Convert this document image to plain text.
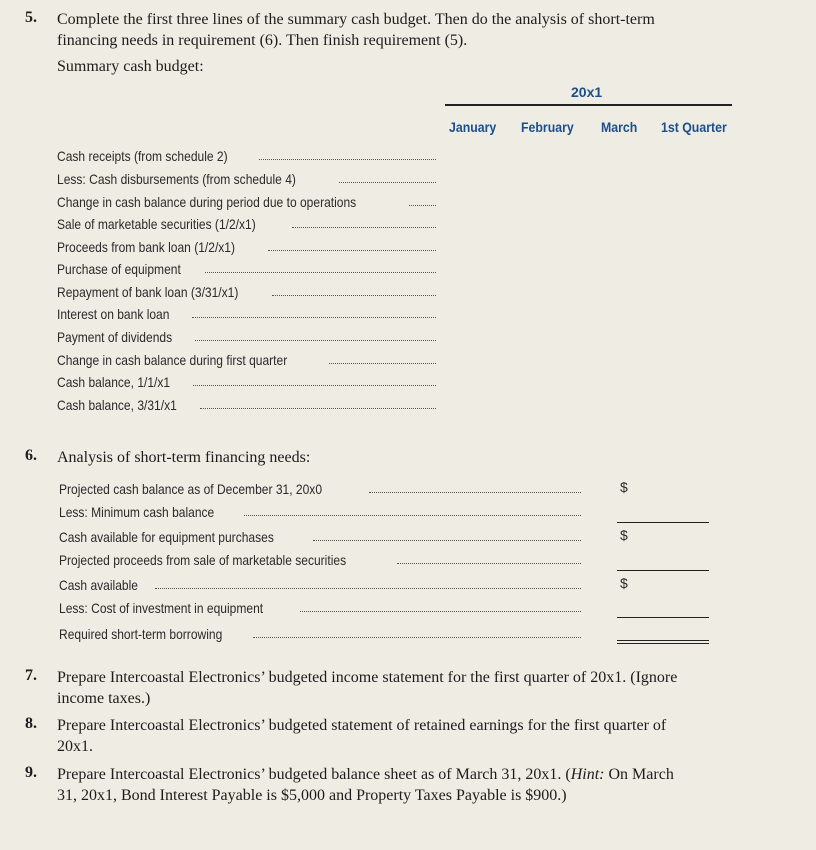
5. Complete the first three lines of the summary cash budget. Then do the analysis of short-term
financing needs in requirement (6). Then finish requirement (5).
Summary cash budget:
20x1
January February March 1st Quarter
Cash receipts (from schedule 2)
Less: Cash disbursements (from schedule 4)
Change in cash balance during period due to operations
Sale of marketable securities (1/2/x1)
Proceeds from bank loan (1/2/x1)
Purchase of equipment
Repayment of bank loan (3/31/x1)
Interest on bank loan
Payment of dividends
Change in cash balance during first quarter
Cash balance, 1/1/x1
Cash balance, 3/31/x1
6. Analysis of short-term financing needs:
Projected cash balance as of December 31, 20x0
Less: Minimum cash balance
Cash available for equipment purchases
Projected proceeds from sale of marketable securities
Cash available
Less: Cost of investment in equipment
Required short-term borrowing
$
$
$
7. Prepare Intercoastal Electronics’ budgeted income statement for the first quarter of 20x1. (Ignore
income taxes.)
8. Prepare Intercoastal Electronics’ budgeted statement of retained earnings for the first quarter of
20x1.
9. Prepare Intercoastal Electronics’ budgeted balance sheet as of March 31, 20x1. (Hint: On March
31, 20x1, Bond Interest Payable is $5,000 and Property Taxes Payable is $900.)
